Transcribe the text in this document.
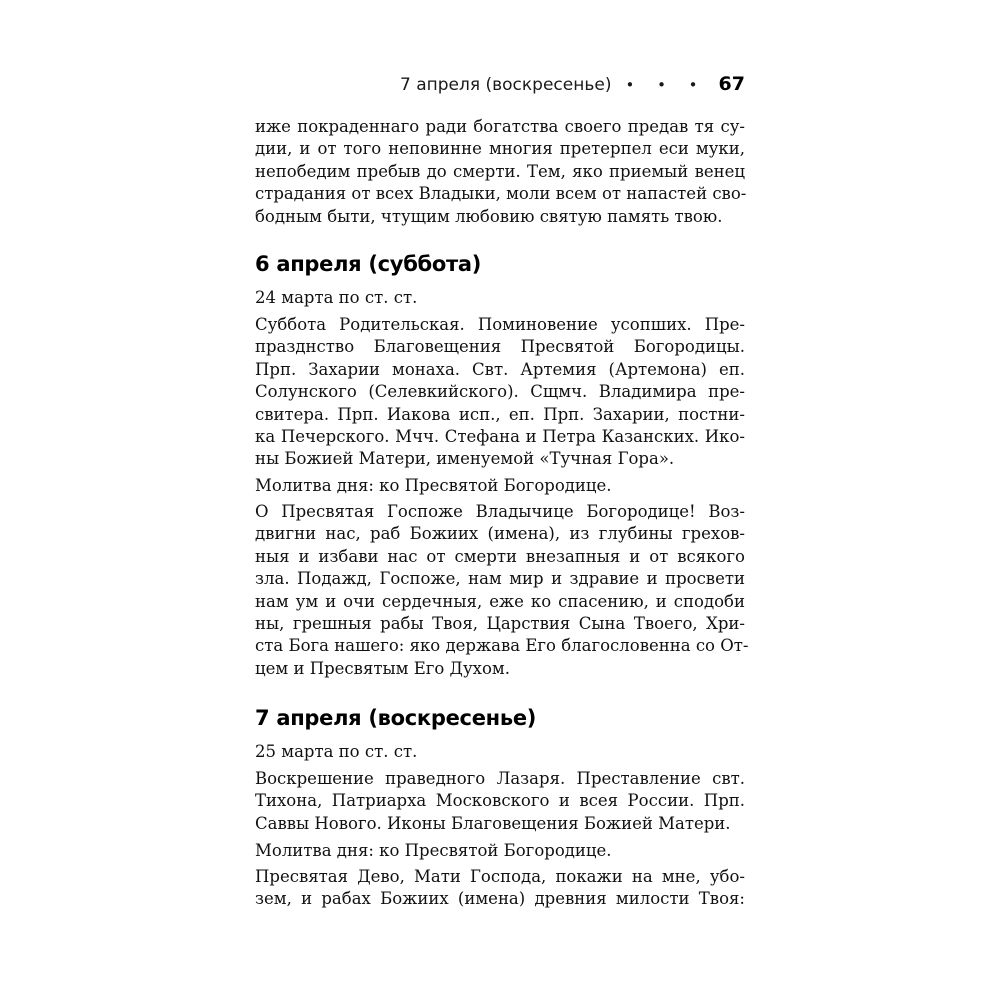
7 апреля (воскресенье) • • • 67
иже покраденнаго ради богатства своего предав тя су-
дии, и от того неповинне многия претерпел еси муки,
непобедим пребыв до смерти. Тем, яко приемый венец
страдания от всех Владыки, моли всем от напастей сво-
бодным быти, чтущим любовию святую память твою.
6 апреля (суббота)
24 марта по ст. ст.
Суббота Родительская. Поминовение усопших. Пре-
празднство Благовещения Пресвятой Богородицы.
Прп. Захарии монаха. Свт. Артемия (Артемона) еп.
Солунского (Селевкийского). Сщмч. Владимира пре-
свитера. Прп. Иакова исп., еп. Прп. Захарии, постни-
ка Печерского. Мчч. Стефана и Петра Казанских. Ико-
ны Божией Матери, именуемой «Тучная Гора».
Молитва дня: ко Пресвятой Богородице.
О Пресвятая Госпоже Владычице Богородице! Воз-
двигни нас, раб Божиих (имена), из глубины грехов-
ныя и избави нас от смерти внезапныя и от всякого
зла. Подажд, Госпоже, нам мир и здравие и просвети
нам ум и очи сердечныя, еже ко спасению, и сподоби
ны, грешныя рабы Твоя, Царствия Сына Твоего, Хри-
ста Бога нашего: яко держава Его благословенна со От-
цем и Пресвятым Его Духом.
7 апреля (воскресенье)
25 марта по ст. ст.
Воскрешение праведного Лазаря. Преставление свт.
Тихона, Патриарха Московского и всея России. Прп.
Саввы Нового. Иконы Благовещения Божией Матери.
Молитва дня: ко Пресвятой Богородице.
Пресвятая Дево, Мати Господа, покажи на мне, убо-
зем, и рабах Божиих (имена) древния милости Твоя:
